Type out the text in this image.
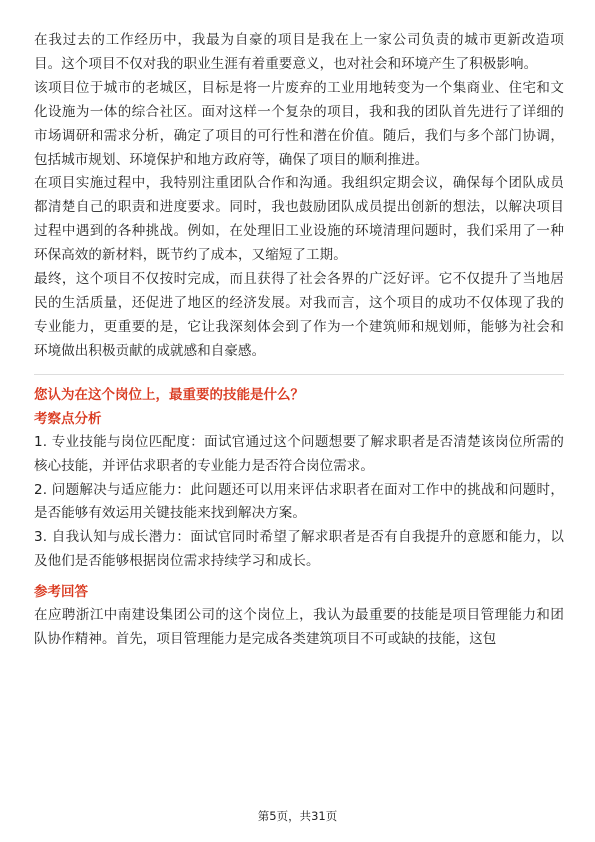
在我过去的工作经历中，我最为自豪的项目是我在上一家公司负责的城市更新改造项目。这个项目不仅对我的职业生涯有着重要意义，也对社会和环境产生了积极影响。

该项目位于城市的老城区，目标是将一片废弃的工业用地转变为一个集商业、住宅和文化设施为一体的综合社区。面对这样一个复杂的项目，我和我的团队首先进行了详细的市场调研和需求分析，确定了项目的可行性和潜在价值。随后，我们与多个部门协调，包括城市规划、环境保护和地方政府等，确保了项目的顺利推进。

在项目实施过程中，我特别注重团队合作和沟通。我组织定期会议，确保每个团队成员都清楚自己的职责和进度要求。同时，我也鼓励团队成员提出创新的想法，以解决项目过程中遇到的各种挑战。例如，在处理旧工业设施的环境清理问题时，我们采用了一种环保高效的新材料，既节约了成本，又缩短了工期。

最终，这个项目不仅按时完成，而且获得了社会各界的广泛好评。它不仅提升了当地居民的生活质量，还促进了地区的经济发展。对我而言，这个项目的成功不仅体现了我的专业能力，更重要的是，它让我深刻体会到了作为一个建筑师和规划师，能够为社会和环境做出积极贡献的成就感和自豪感。

您认为在这个岗位上，最重要的技能是什么？

考察点分析

1. 专业技能与岗位匹配度：面试官通过这个问题想要了解求职者是否清楚该岗位所需的核心技能，并评估求职者的专业能力是否符合岗位需求。

2. 问题解决与适应能力：此问题还可以用来评估求职者在面对工作中的挑战和问题时，是否能够有效运用关键技能来找到解决方案。

3. 自我认知与成长潜力：面试官同时希望了解求职者是否有自我提升的意愿和能力，以及他们是否能够根据岗位需求持续学习和成长。

参考回答

在应聘浙江中南建设集团公司的这个岗位上，我认为最重要的技能是项目管理能力和团队协作精神。首先，项目管理能力是完成各类建筑项目不可或缺的技能，这包

第5页，共31页
